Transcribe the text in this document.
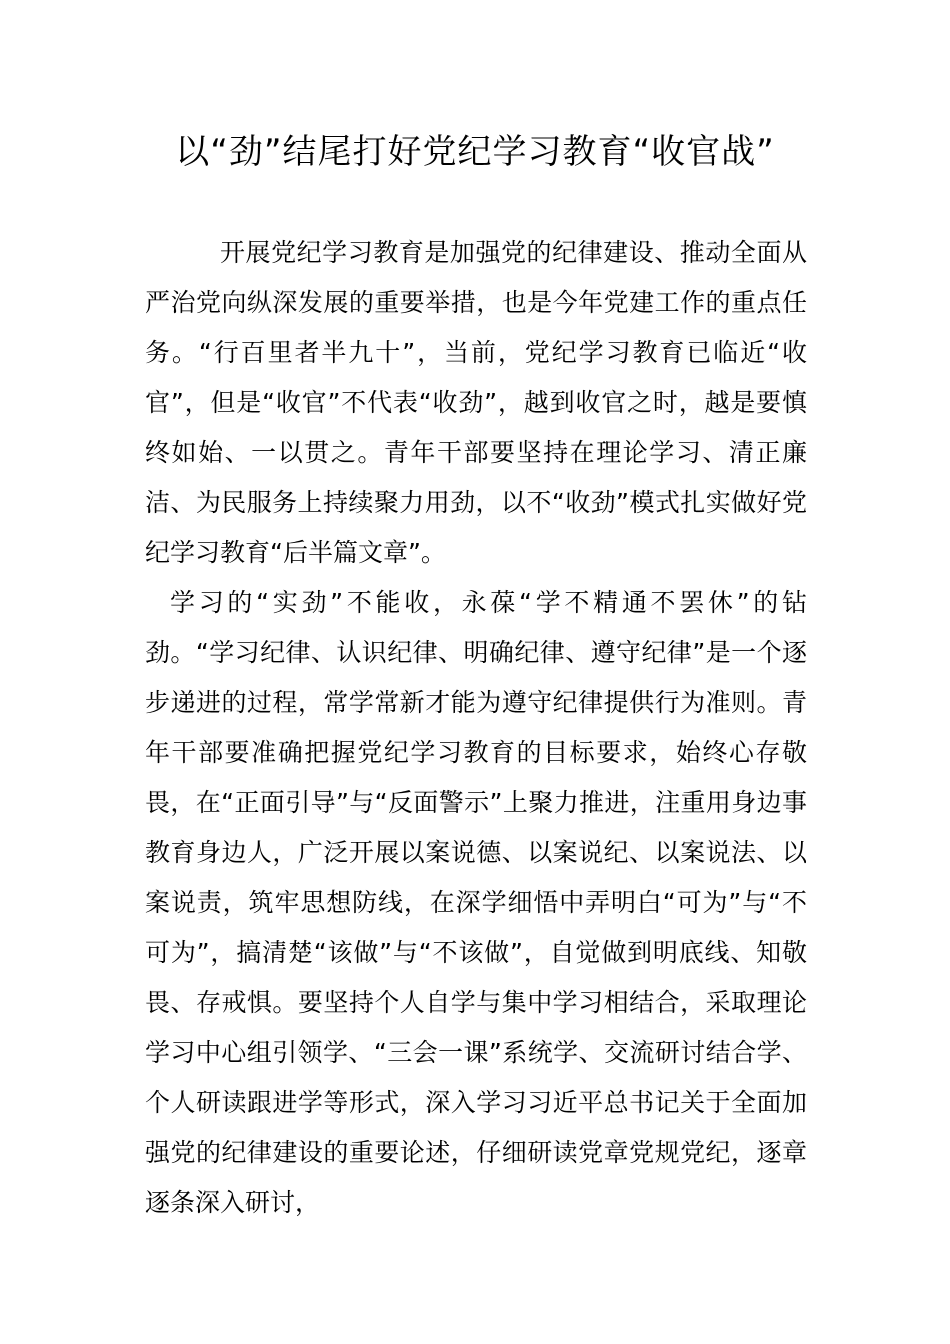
以“劲”结尾打好党纪学习教育“收官战”

开展党纪学习教育是加强党的纪律建设、推动全面从严治党向纵深发展的重要举措，也是今年党建工作的重点任务。“行百里者半九十”，当前，党纪学习教育已临近“收官”，但是“收官”不代表“收劲”，越到收官之时，越是要慎终如始、一以贯之。青年干部要坚持在理论学习、清正廉洁、为民服务上持续聚力用劲，以不“收劲”模式扎实做好党纪学习教育“后半篇文章”。

学习的“实劲”不能收，永葆“学不精通不罢休”的钻劲。“学习纪律、认识纪律、明确纪律、遵守纪律”是一个逐步递进的过程，常学常新才能为遵守纪律提供行为准则。青年干部要准确把握党纪学习教育的目标要求，始终心存敬畏，在“正面引导”与“反面警示”上聚力推进，注重用身边事教育身边人，广泛开展以案说德、以案说纪、以案说法、以案说责，筑牢思想防线，在深学细悟中弄明白“可为”与“不可为”，搞清楚“该做”与“不该做”，自觉做到明底线、知敬畏、存戒惧。要坚持个人自学与集中学习相结合，采取理论学习中心组引领学、“三会一课”系统学、交流研讨结合学、个人研读跟进学等形式，深入学习习近平总书记关于全面加强党的纪律建设的重要论述，仔细研读党章党规党纪，逐章逐条深入研讨，
